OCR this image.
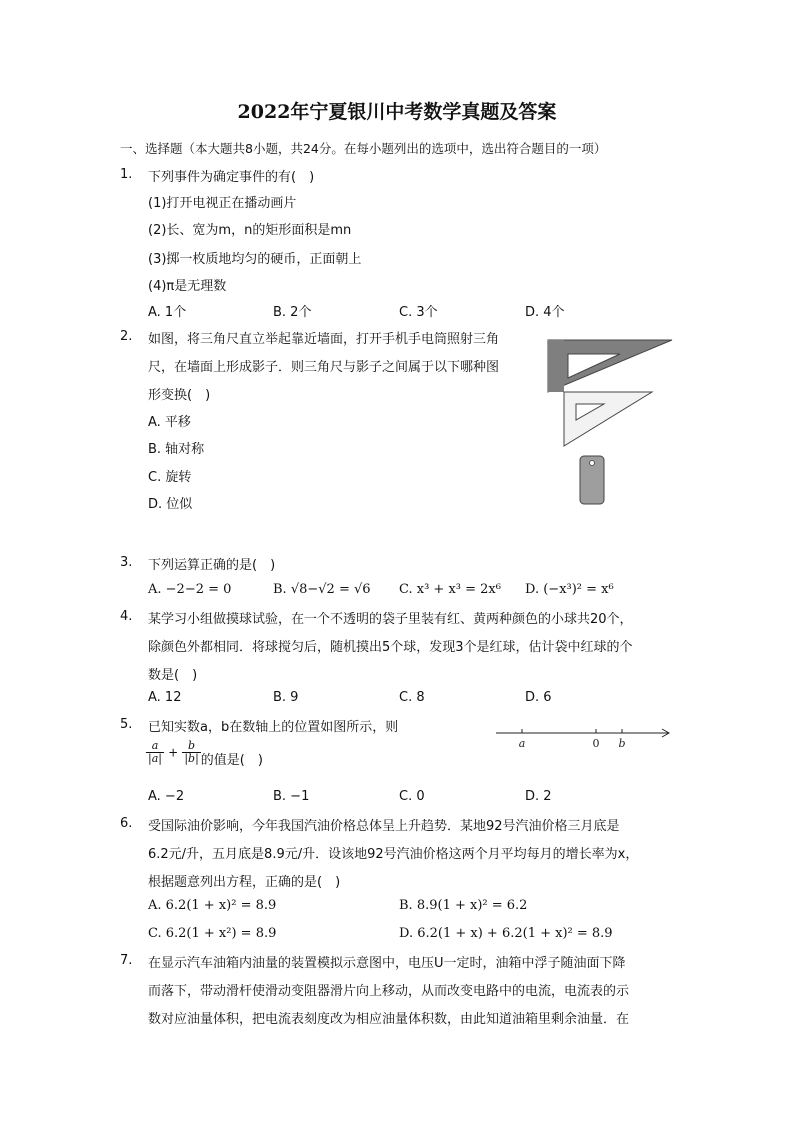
2022年宁夏银川中考数学真题及答案
一、选择题（本大题共8小题，共24分。在每小题列出的选项中，选出符合题目的一项）
1. 下列事件为确定事件的有(　)
(1)打开电视正在播动画片
(2)长、宽为m，n的矩形面积是mn
(3)掷一枚质地均匀的硬币，正面朝上
(4)π是无理数
A. 1个	B. 2个	C. 3个	D. 4个
2. 如图，将三角尺直立举起靠近墙面，打开手机手电筒照射三角
尺，在墙面上形成影子．则三角尺与影子之间属于以下哪种图
形变换(　)
A. 平移
B. 轴对称
C. 旋转
D. 位似
3. 下列运算正确的是(　)
A. −2−2 = 0	B. √8−√2 = √6 C. x³ + x³ = 2x⁶ D. (−x³)² = x⁶
4. 某学习小组做摸球试验，在一个不透明的袋子里装有红、黄两种颜色的小球共20个，
除颜色外都相同．将球搅匀后，随机摸出5个球，发现3个是红球，估计袋中红球的个
数是(　)
A. 12	B. 9	C. 8	D. 6
5. 已知实数a，b在数轴上的位置如图所示，则
$\frac{a}{|a|} + \frac{b}{|b|}$ 的值是(　)
a	0 b
A. −2	B. −1	C. 0	D. 2
6. 受国际油价影响，今年我国汽油价格总体呈上升趋势．某地92号汽油价格三月底是
6.2元/升，五月底是8.9元/升．设该地92号汽油价格这两个月平均每月的增长率为x，
根据题意列出方程，正确的是(　)
A. 6.2(1 + x)² = 8.9	B. 8.9(1 + x)² = 6.2
C. 6.2(1 + x²) = 8.9	D. 6.2(1 + x) + 6.2(1 + x)² = 8.9
7. 在显示汽车油箱内油量的装置模拟示意图中，电压U一定时，油箱中浮子随油面下降
而落下，带动滑杆使滑动变阻器滑片向上移动，从而改变电路中的电流，电流表的示
数对应油量体积，把电流表刻度改为相应油量体积数，由此知道油箱里剩余油量．在
